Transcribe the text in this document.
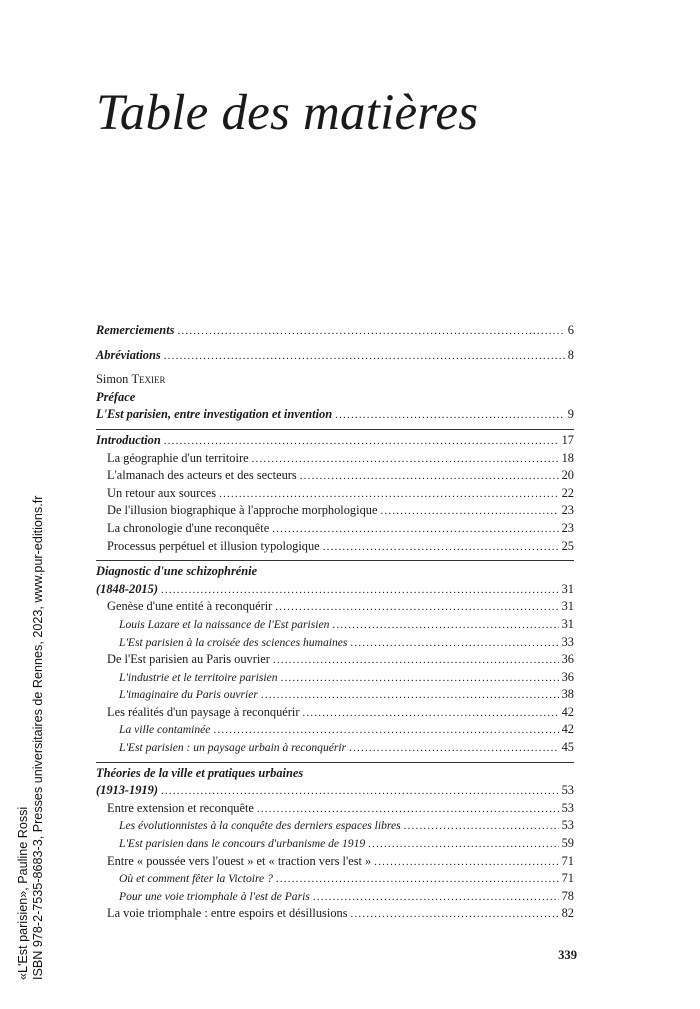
«L'Est parisien», Pauline Rossi ISBN 978-2-7535-8683-3, Presses universitaires de Rennes, 2023, www.pur-editions.fr
Table des matières
Remerciements .....	6
Abréviations .....	8
Simon Texier
Préface
L'Est parisien, entre investigation et invention .....	9
Introduction .....	17
La géographie d'un territoire .....	18
L'almanach des acteurs et des secteurs .....	20
Un retour aux sources .....	22
De l'illusion biographique à l'approche morphologique .....	23
La chronologie d'une reconquête .....	23
Processus perpétuel et illusion typologique .....	25
Diagnostic d'une schizophrénie
(1848-2015) .....	31
Genèse d'une entité à reconquérir .....	31
Louis Lazare et la naissance de l'Est parisien .....	31
L'Est parisien à la croisée des sciences humaines .....	33
De l'Est parisien au Paris ouvrier .....	36
L'industrie et le territoire parisien .....	36
L'imaginaire du Paris ouvrier .....	38
Les réalités d'un paysage à reconquérir .....	42
La ville contaminée .....	42
L'Est parisien : un paysage urbain à reconquérir .....	45
Théories de la ville et pratiques urbaines
(1913-1919) .....	53
Entre extension et reconquête .....	53
Les évolutionnistes à la conquête des derniers espaces libres .....	53
L'Est parisien dans le concours d'urbanisme de 1919 .....	59
Entre « poussée vers l'ouest » et « traction vers l'est » .....	71
Où et comment fêter la Victoire ? .....	71
Pour une voie triomphale à l'est de Paris .....	78
La voie triomphale : entre espoirs et désillusions .....	82
339
